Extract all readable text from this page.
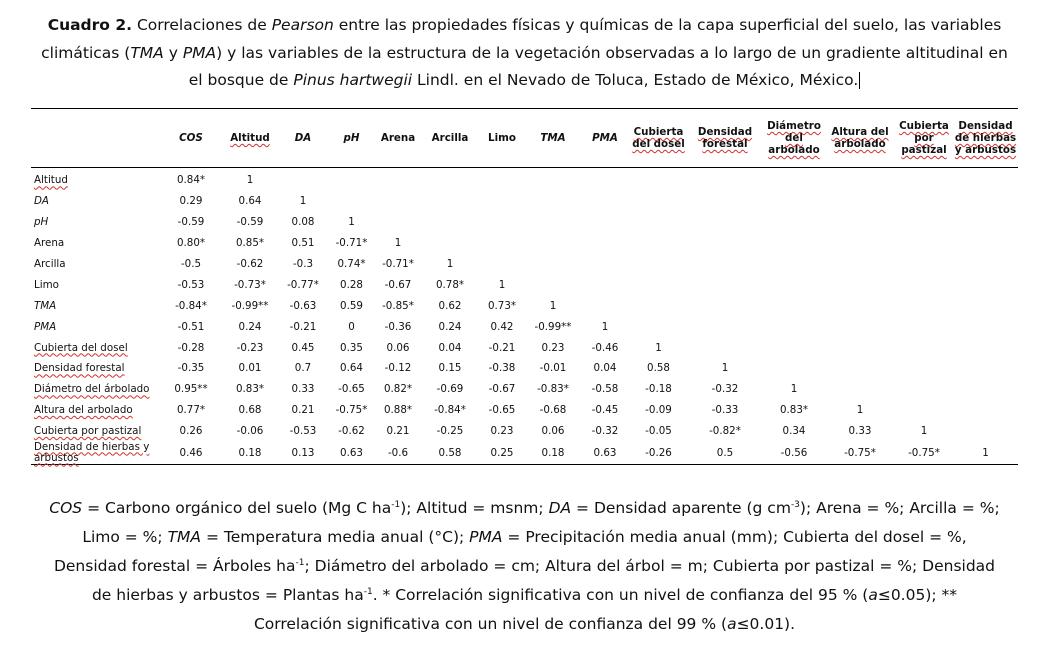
Cuadro 2. Correlaciones de Pearson entre las propiedades físicas y químicas de la capa superficial del suelo, las variables climáticas (TMA y PMA) y las variables de la estructura de la vegetación observadas a lo largo de un gradiente altitudinal en el bosque de Pinus hartwegii Lindl. en el Nevado de Toluca, Estado de México, México.
	COS	Altitud	DA	pH	Arena	Arcilla	Limo	TMA	PMA	Cubierta del dosel	Densidad forestal	Diámetro del arbolado	Altura del arbolado	Cubierta por pastizal	Densidad de hierbas y arbustos
Altitud	0.84*	1													
DA	0.29	0.64	1												
pH	-0.59	-0.59	0.08	1											
Arena	0.80*	0.85*	0.51	-0.71*	1										
Arcilla	-0.5	-0.62	-0.3	0.74*	-0.71*	1									
Limo	-0.53	-0.73*	-0.77*	0.28	-0.67	0.78*	1								
TMA	-0.84*	-0.99**	-0.63	0.59	-0.85*	0.62	0.73*	1							
PMA	-0.51	0.24	-0.21	0	-0.36	0.24	0.42	-0.99**	1						
Cubierta del dosel	-0.28	-0.23	0.45	0.35	0.06	0.04	-0.21	0.23	-0.46	1					
Densidad forestal	-0.35	0.01	0.7	0.64	-0.12	0.15	-0.38	-0.01	0.04	0.58	1				
Diámetro del árbolado	0.95**	0.83*	0.33	-0.65	0.82*	-0.69	-0.67	-0.83*	-0.58	-0.18	-0.32	1			
Altura del arbolado	0.77*	0.68	0.21	-0.75*	0.88*	-0.84*	-0.65	-0.68	-0.45	-0.09	-0.33	0.83*	1		
Cubierta por pastizal	0.26	-0.06	-0.53	-0.62	0.21	-0.25	0.23	0.06	-0.32	-0.05	-0.82*	0.34	0.33	1	
Densidad de hierbas y arbustos	0.46	0.18	0.13	0.63	-0.6	0.58	0.25	0.18	0.63	-0.26	0.5	-0.56	-0.75*	-0.75*	1
COS = Carbono orgánico del suelo (Mg C $ha^{-1}$); Altitud = msnm; DA = Densidad aparente (g $cm^{-3}$); Arena = %; Arcilla = %; Limo = %; TMA = Temperatura media anual (°C); PMA = Precipitación media anual (mm); Cubierta del dosel = %, Densidad forestal = Árboles $ha^{-1}$; Diámetro del arbolado = cm; Altura del árbol = m; Cubierta por pastizal = %; Densidad de hierbas y arbustos = Plantas $ha^{-1}$. * Correlación significativa con un nivel de confianza del 95 % (a≤0.05); ** Correlación significativa con un nivel de confianza del 99 % (a≤0.01).
